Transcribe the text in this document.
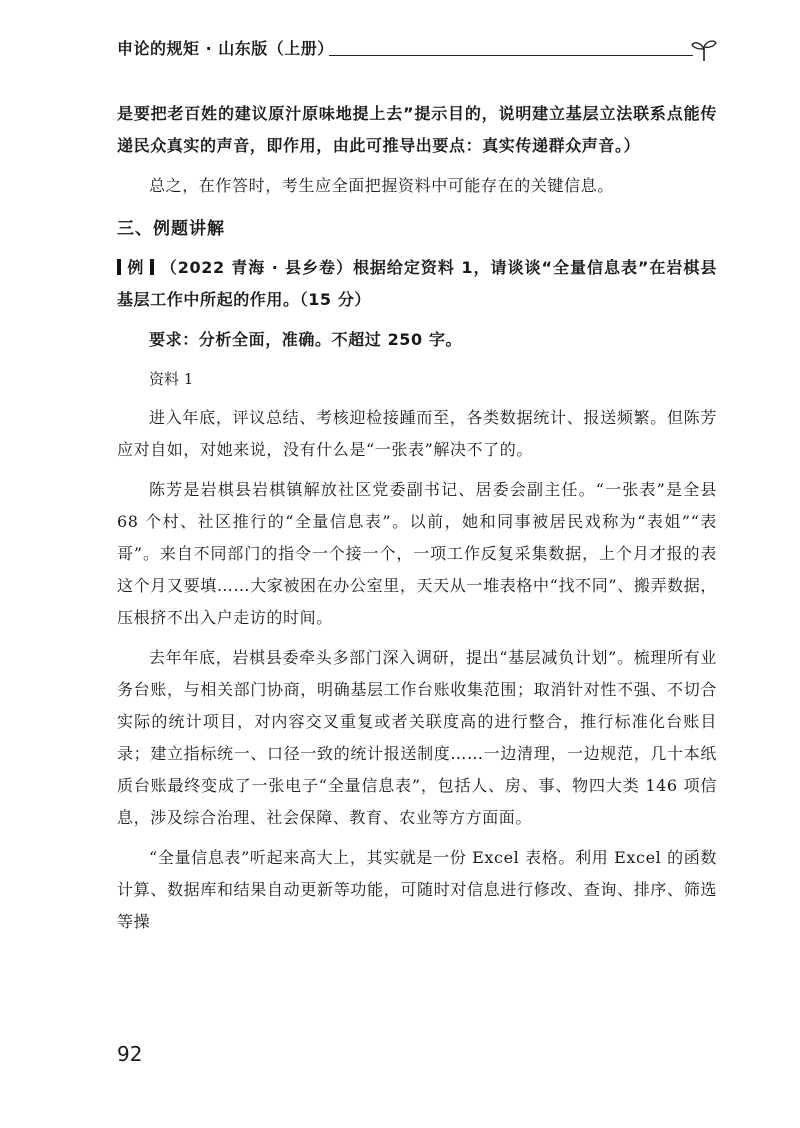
申论的规矩 · 山东版（上册）

是要把老百姓的建议原汁原味地提上去”提示目的，说明建立基层立法联系点能传递民众真实的声音，即作用，由此可推导出要点：真实传递群众声音。）

总之，在作答时，考生应全面把握资料中可能存在的关键信息。

三、例题讲解

例 （2022 青海 · 县乡卷）根据给定资料 1，请谈谈“全量信息表”在岩棋县基层工作中所起的作用。（15 分）

要求：分析全面，准确。不超过 250 字。

资料 1

进入年底，评议总结、考核迎检接踵而至，各类数据统计、报送频繁。但陈芳应对自如，对她来说，没有什么是“一张表”解决不了的。

陈芳是岩棋县岩棋镇解放社区党委副书记、居委会副主任。“一张表”是全县 68 个村、社区推行的“全量信息表”。以前，她和同事被居民戏称为“表姐”“表哥”。来自不同部门的指令一个接一个，一项工作反复采集数据，上个月才报的表这个月又要填……大家被困在办公室里，天天从一堆表格中“找不同”、搬弄数据，压根挤不出入户走访的时间。

去年年底，岩棋县委牵头多部门深入调研，提出“基层减负计划”。梳理所有业务台账，与相关部门协商，明确基层工作台账收集范围；取消针对性不强、不切合实际的统计项目，对内容交叉重复或者关联度高的进行整合，推行标准化台账目录；建立指标统一、口径一致的统计报送制度……一边清理，一边规范，几十本纸质台账最终变成了一张电子“全量信息表”，包括人、房、事、物四大类 146 项信息，涉及综合治理、社会保障、教育、农业等方方面面。

“全量信息表”听起来高大上，其实就是一份 Excel 表格。利用 Excel 的函数计算、数据库和结果自动更新等功能，可随时对信息进行修改、查询、排序、筛选等操

92
